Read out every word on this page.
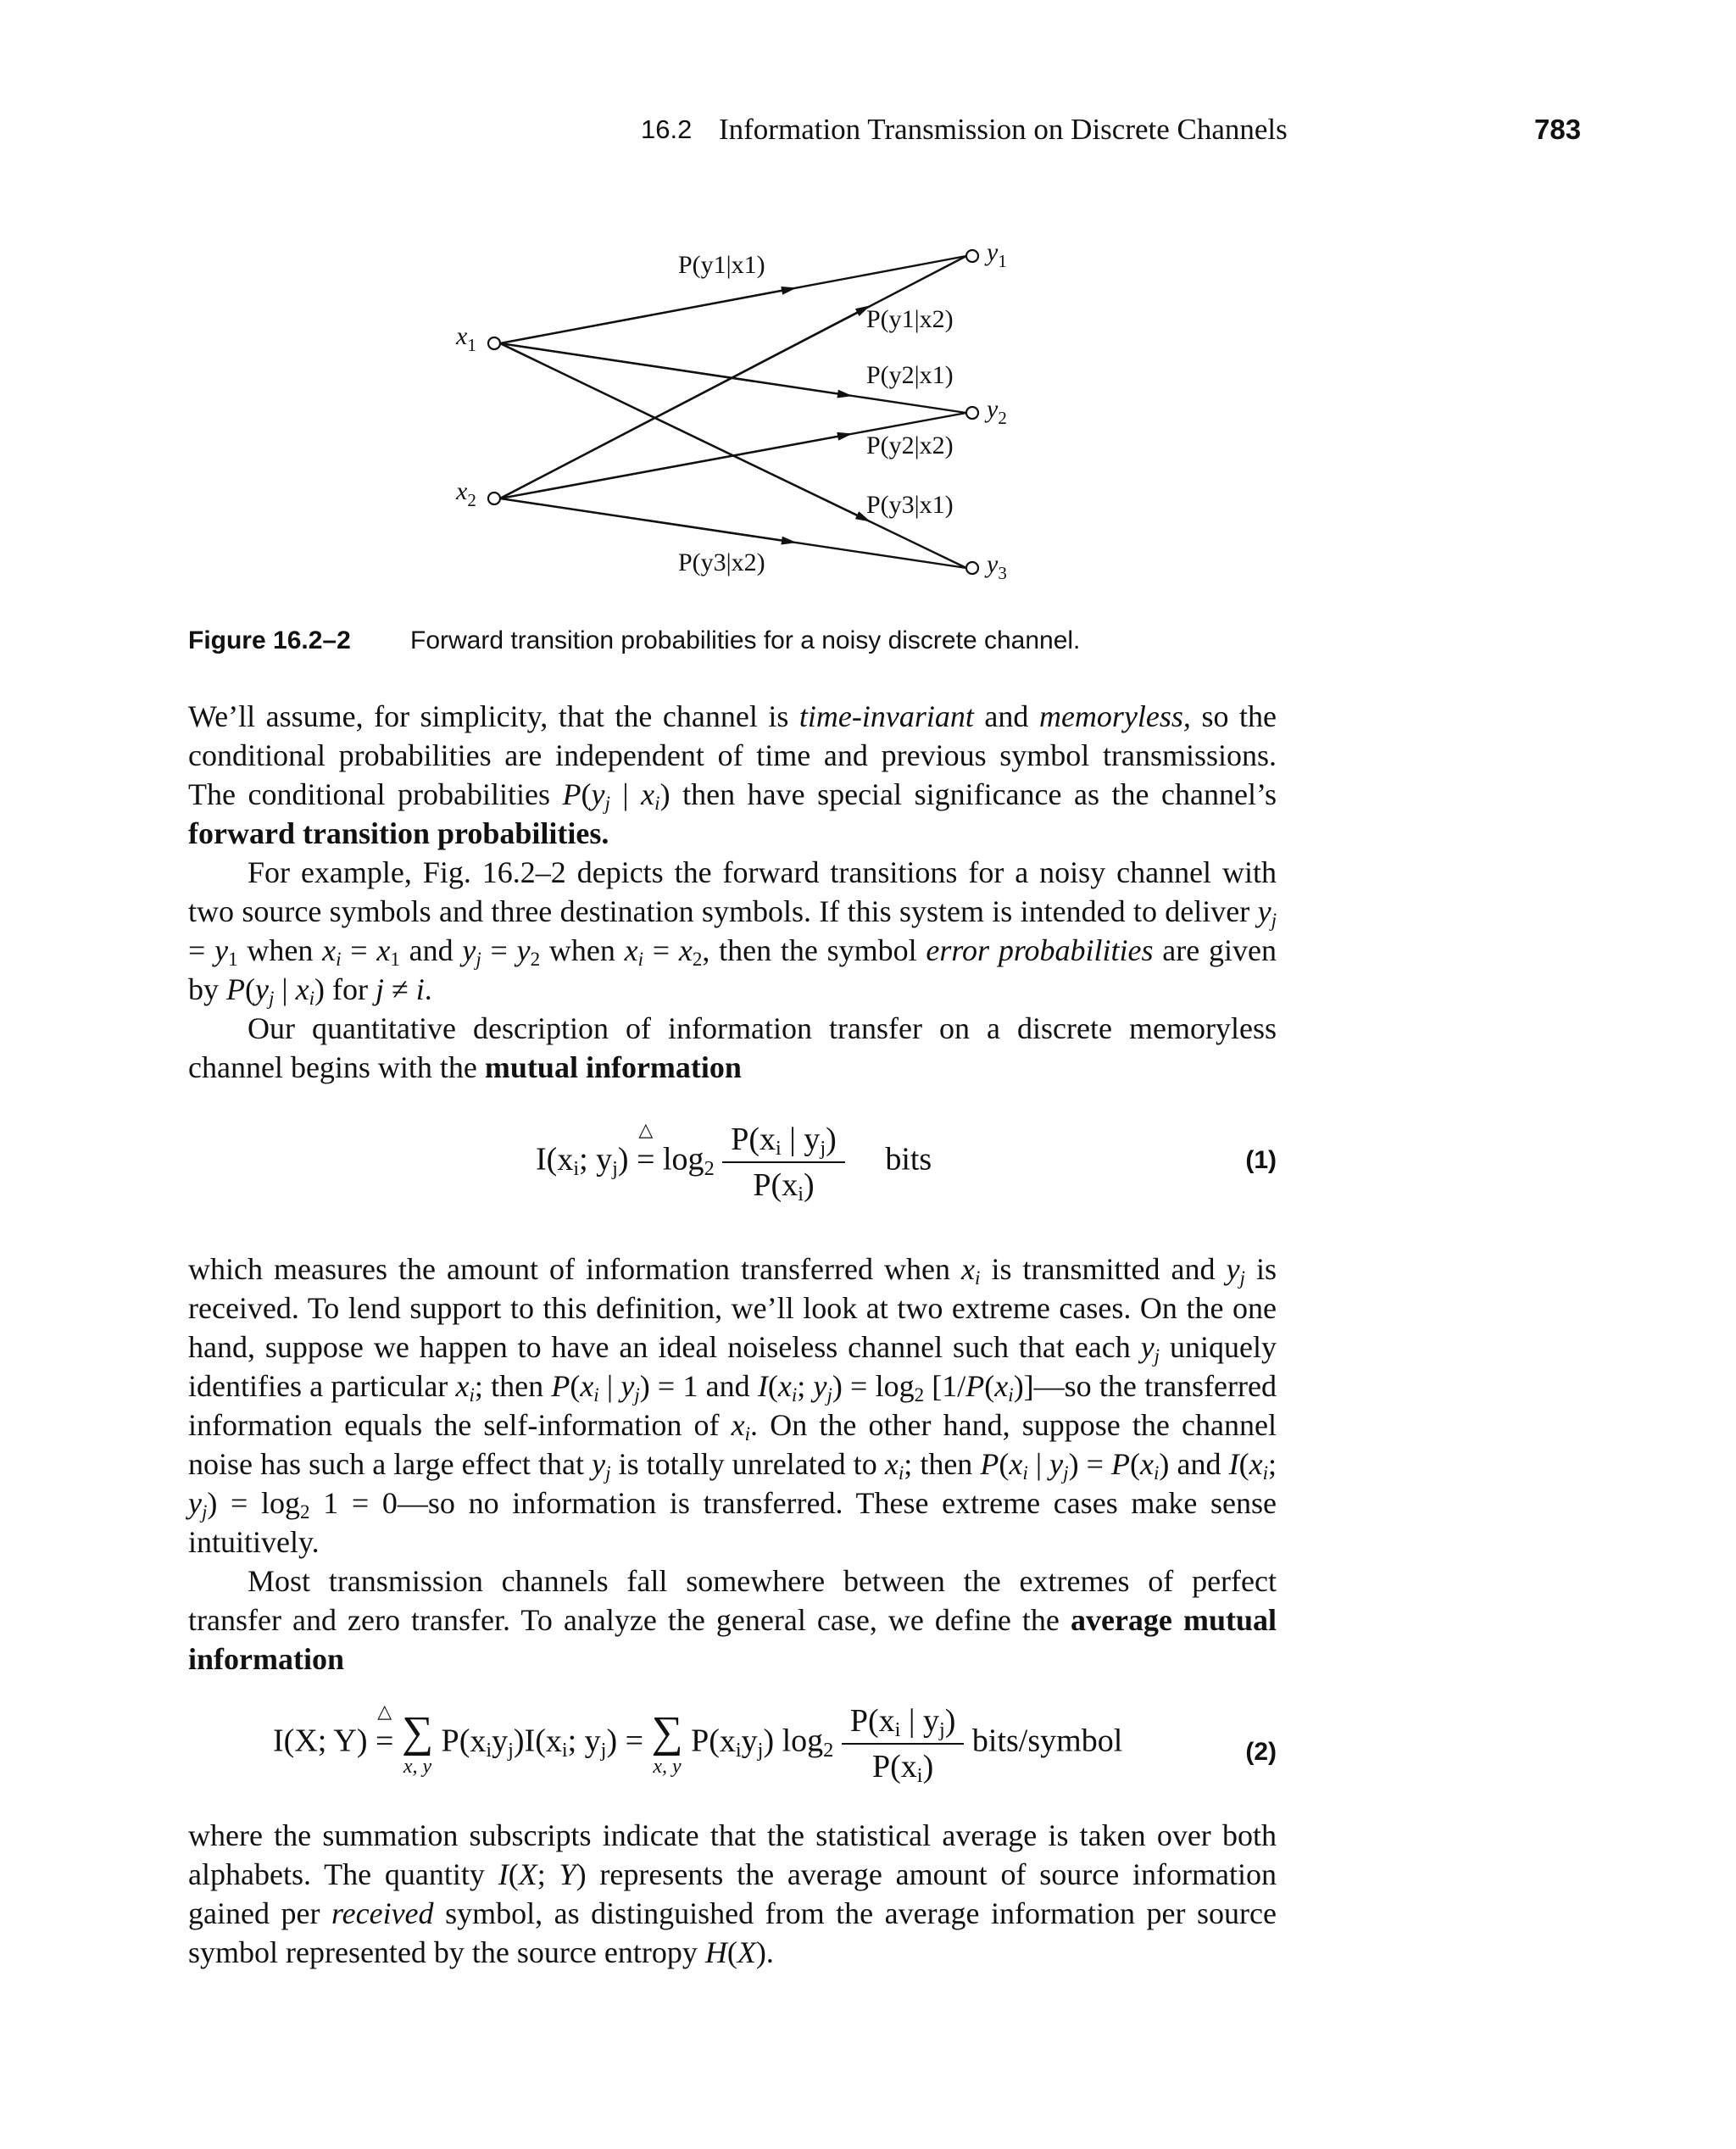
16.2 Information Transmission on Discrete Channels	783
$x_1$
$x_2$
$y_1$
$y_2$
$y_3$
P(y1|x1)
P(y1|x2)
P(y2|x1)
P(y2|x2)
P(y3|x1)
P(y3|x2)
Figure 16.2–2 Forward transition probabilities for a noisy discrete channel.

We’ll assume, for simplicity, that the channel is time-invariant and memoryless, so the conditional probabilities are independent of time and previous symbol transmissions. The conditional probabilities $P(y_j$ | $x_i$) then have special significance as the channel’s forward transition probabilities.

For example, Fig. 16.2–2 depicts the forward transitions for a noisy channel with two source symbols and three destination symbols. If this system is intended to deliver $y_j = y_1$ when $x_i = x_1$ and $y_j = y_2$ when $x_i = x_2$, then the symbol error probabilities are given by $P(y_j$ | $x_i$) for j ≠ i.

Our quantitative description of information transfer on a discrete memoryless channel begins with the mutual information

$I(x_i$; $y_j$)
△
= $\log_2 \frac{P(x_i | y_j)}{P(x_i)}$ bits	(1)

which measures the amount of information transferred when $x_i$ is transmitted and $y_j$ is received. To lend support to this definition, we’ll look at two extreme cases. On the one hand, suppose we happen to have an ideal noiseless channel such that each $y_j$ uniquely identifies a particular $x_i$; then $P(x_i$ | $y_j) = 1$ and $I(x_i$; $y_j) = \log_2$ $[1/P(x_i)]—so$ the transferred information equals the self-information of $x_i$. On the other hand, suppose the channel noise has such a large effect that $y_j$ is totally unrelated to $x_i$; then $P(x_i$ | $y_j) = P(x_i)$ and $I(x_i$; $y_j) = \log_2 1$ = 0—so no information is transferred. These extreme cases make sense intuitively.

Most transmission channels fall somewhere between the extremes of perfect transfer and zero transfer. To analyze the general case, we define the average mutual information

I(X; Y)
△
= ∑
x, y
$P(x_iy_j)I(x_i$; $y_j$) = ∑
x, y
$P(x_iy_j)$ $\log_2 \frac{P(x_i | y_j)}{P(x_i)}$ bits/symbol	(2)

where the summation subscripts indicate that the statistical average is taken over both alphabets. The quantity I(X; Y) represents the average amount of source information gained per received symbol, as distinguished from the average information per source symbol represented by the source entropy H(X).
